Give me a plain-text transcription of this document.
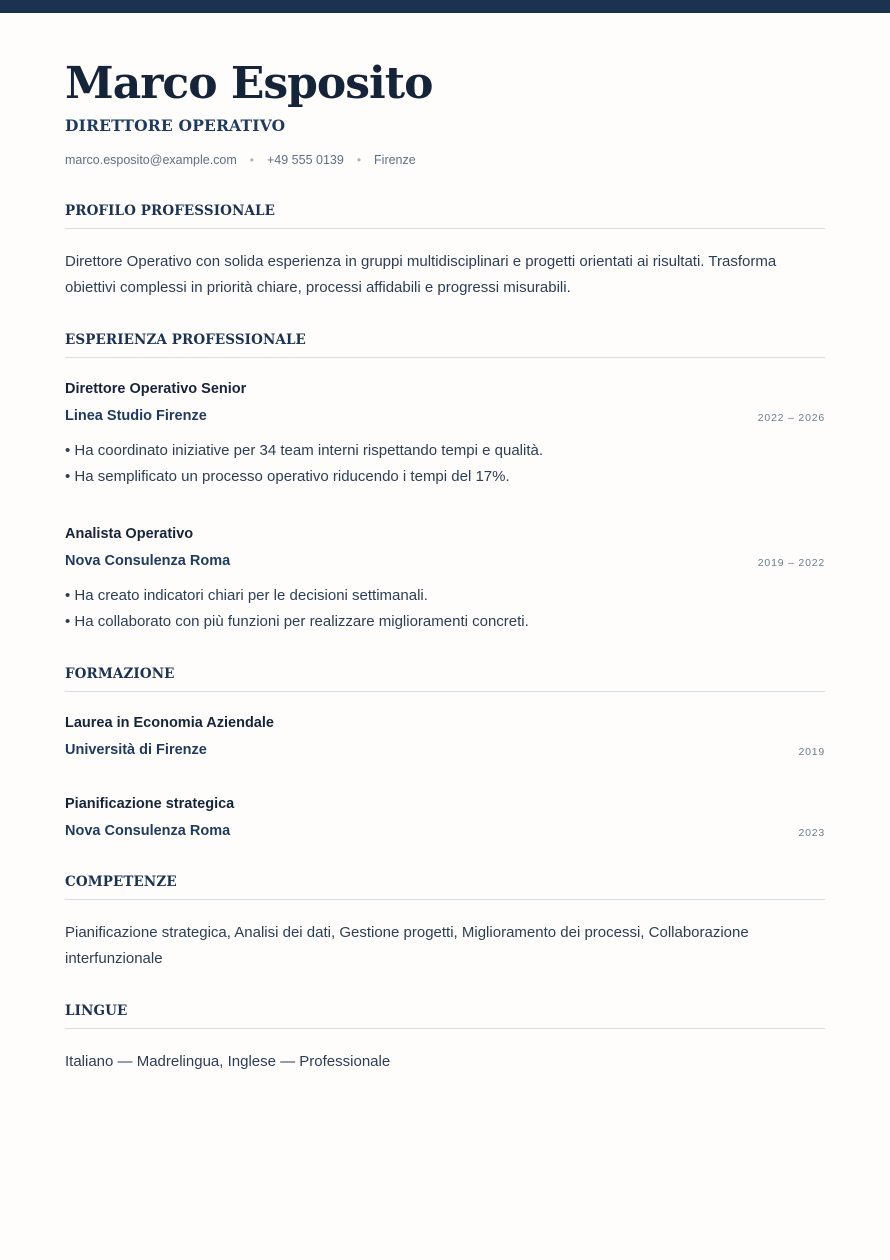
Marco Esposito
DIRETTORE OPERATIVO
marco.esposito@example.com • +49 555 0139 • Firenze
PROFILO PROFESSIONALE
Direttore Operativo con solida esperienza in gruppi multidisciplinari e progetti orientati ai risultati. Trasforma obiettivi complessi in priorità chiare, processi affidabili e progressi misurabili.
ESPERIENZA PROFESSIONALE
Direttore Operativo Senior
Linea Studio Firenze	2022 – 2026
• Ha coordinato iniziative per 34 team interni rispettando tempi e qualità.
• Ha semplificato un processo operativo riducendo i tempi del 17%.
Analista Operativo
Nova Consulenza Roma	2019 – 2022
• Ha creato indicatori chiari per le decisioni settimanali.
• Ha collaborato con più funzioni per realizzare miglioramenti concreti.
FORMAZIONE
Laurea in Economia Aziendale
Università di Firenze	2019
Pianificazione strategica
Nova Consulenza Roma	2023
COMPETENZE
Pianificazione strategica, Analisi dei dati, Gestione progetti, Miglioramento dei processi, Collaborazione interfunzionale
LINGUE
Italiano — Madrelingua, Inglese — Professionale
